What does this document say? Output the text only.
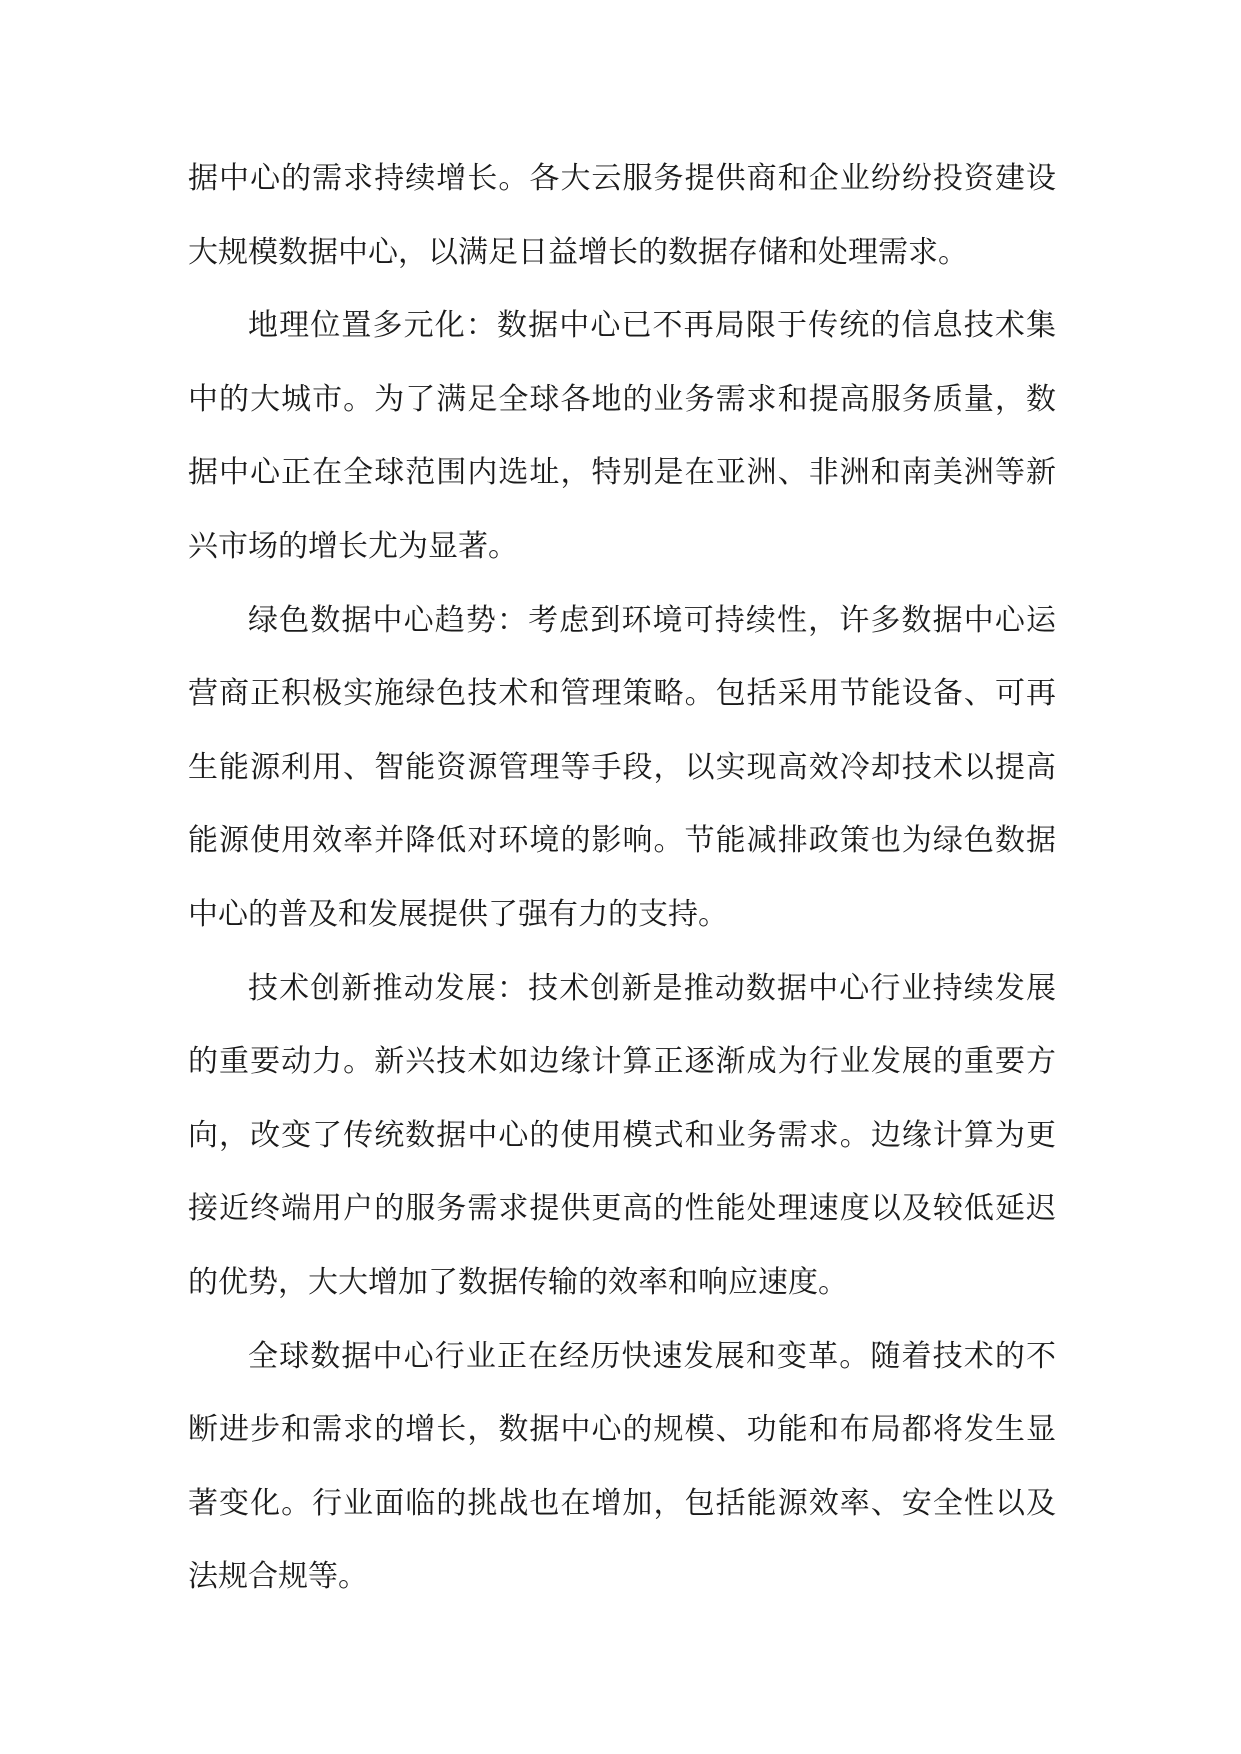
据中心的需求持续增长。各大云服务提供商和企业纷纷投资建设大规模数据中心，以满足日益增长的数据存储和处理需求。

地理位置多元化：数据中心已不再局限于传统的信息技术集中的大城市。为了满足全球各地的业务需求和提高服务质量，数据中心正在全球范围内选址，特别是在亚洲、非洲和南美洲等新兴市场的增长尤为显著。

绿色数据中心趋势：考虑到环境可持续性，许多数据中心运营商正积极实施绿色技术和管理策略。包括采用节能设备、可再生能源利用、智能资源管理等手段，以实现高效冷却技术以提高能源使用效率并降低对环境的影响。节能减排政策也为绿色数据中心的普及和发展提供了强有力的支持。

技术创新推动发展：技术创新是推动数据中心行业持续发展的重要动力。新兴技术如边缘计算正逐渐成为行业发展的重要方向，改变了传统数据中心的使用模式和业务需求。边缘计算为更接近终端用户的服务需求提供更高的性能处理速度以及较低延迟的优势，大大增加了数据传输的效率和响应速度。

全球数据中心行业正在经历快速发展和变革。随着技术的不断进步和需求的增长，数据中心的规模、功能和布局都将发生显著变化。行业面临的挑战也在增加，包括能源效率、安全性以及法规合规等。
